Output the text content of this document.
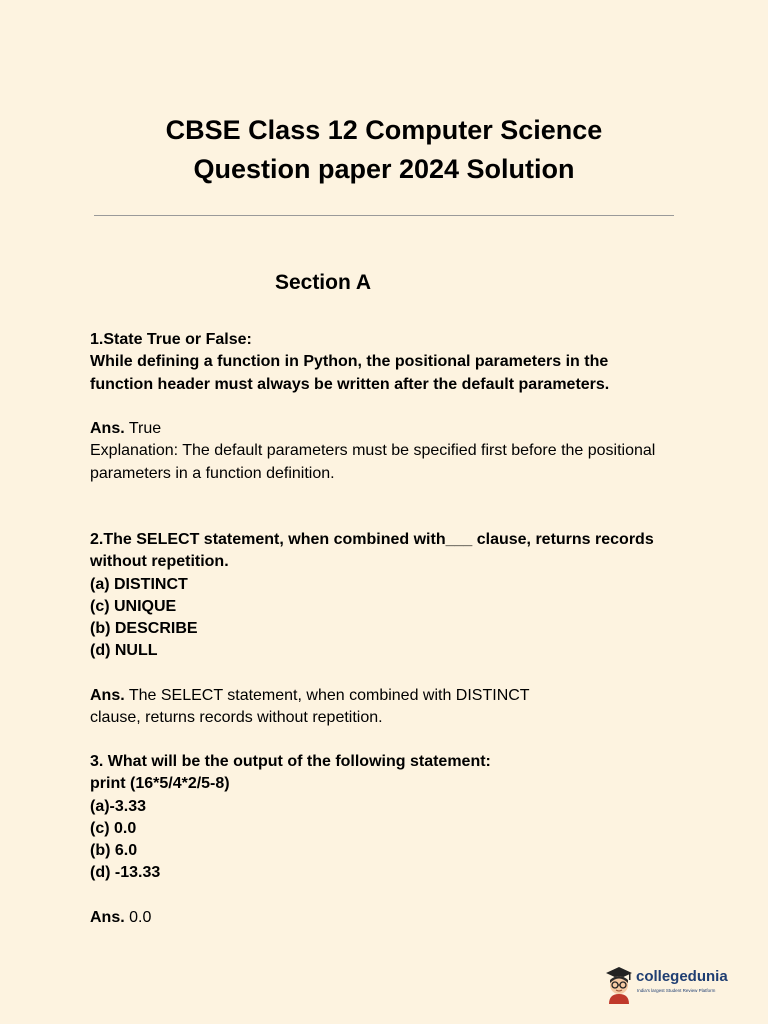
CBSE Class 12 Computer Science
Question paper 2024 Solution
Section A
1.State True or False:
While defining a function in Python, the positional parameters in the
function header must always be written after the default parameters.
Ans. True
Explanation: The default parameters must be specified first before the positional
parameters in a function definition.
2.The SELECT statement, when combined with___ clause, returns records
without repetition.
(a) DISTINCT
(c) UNIQUE
(b) DESCRIBE
(d) NULL
Ans. The SELECT statement, when combined with DISTINCT
clause, returns records without repetition.
3. What will be the output of the following statement:
print (16*5/4*2/5-8)
(a)-3.33
(c) 0.0
(b) 6.0
(d) -13.33
Ans. 0.0
collegedunia
India's largest Student Review Platform
